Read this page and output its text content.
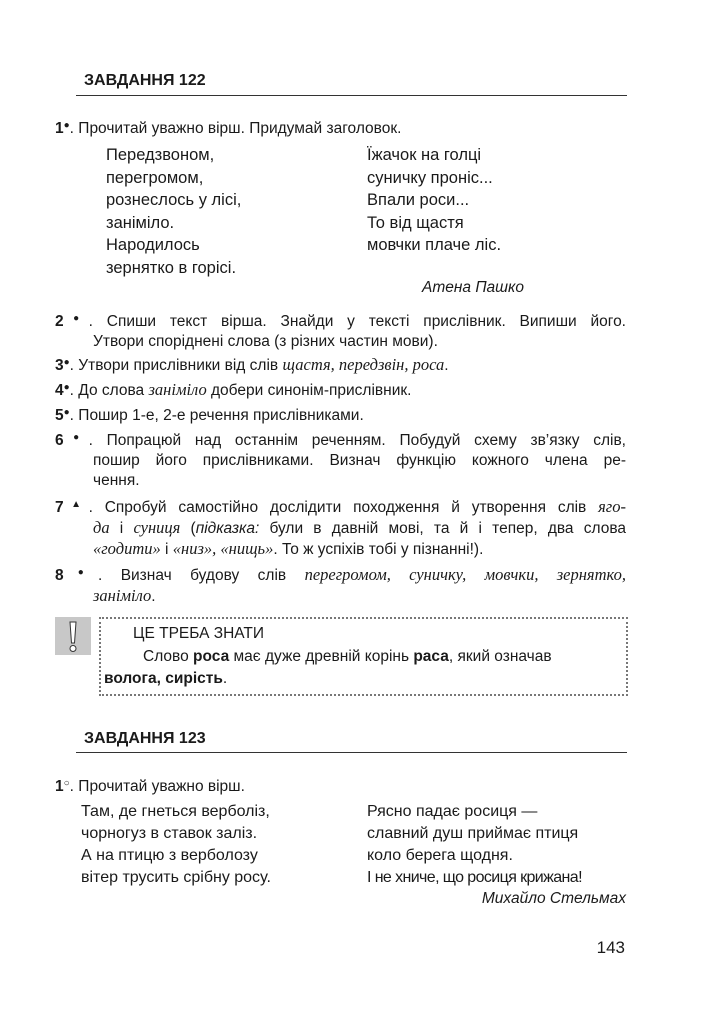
ЗАВДАННЯ 122
1●. Прочитай уважно вірш. Придумай заголовок.
Передзвоном,
перегромом,
рознеслось у лісі,
заніміло.
Народилось
зернятко в горісі.
Їжачок на голці
суничку проніс...
Впали роси...
То від щастя
мовчки плаче ліс.
Атена Пашко
2●. Спиши текст вірша. Знайди у тексті прислівник. Випиши його.
Утвори споріднені слова (з різних частин мови).
3●. Утвори прислівники від слів щастя, передзвін, роса.
4●. До слова заніміло добери синонім-прислівник.
5●. Пошир 1-е, 2-е речення прислівниками.
6●. Попрацюй над останнім реченням. Побудуй схему зв’язку слів,
пошир його прислівниками. Визнач функцію кожного члена ре-
чення.
7▲. Спробуй самостійно дослідити походження й утворення слів яго-
да і суниця (підказка: були в давній мові, та й і тепер, два слова
«годити» і «низ», «нищь». То ж успіхів тобі у пізнанні!).
8●. Визнач будову слів перегромом, суничку, мовчки, зернятко,
заніміло.
ЦЕ ТРЕБА ЗНАТИ
Слово роса має дуже древній корінь раса, який означав
волога, сирість.
ЗАВДАННЯ 123
1○. Прочитай уважно вірш.
Там, де гнеться верболіз,
чорногуз в ставок заліз.
А на птицю з верболозу
вітер трусить срібну росу.
Рясно падає росиця —
славний душ приймає птиця
коло берега щодня.
І не хниче, що росиця крижана!
Михайло Стельмах
143
